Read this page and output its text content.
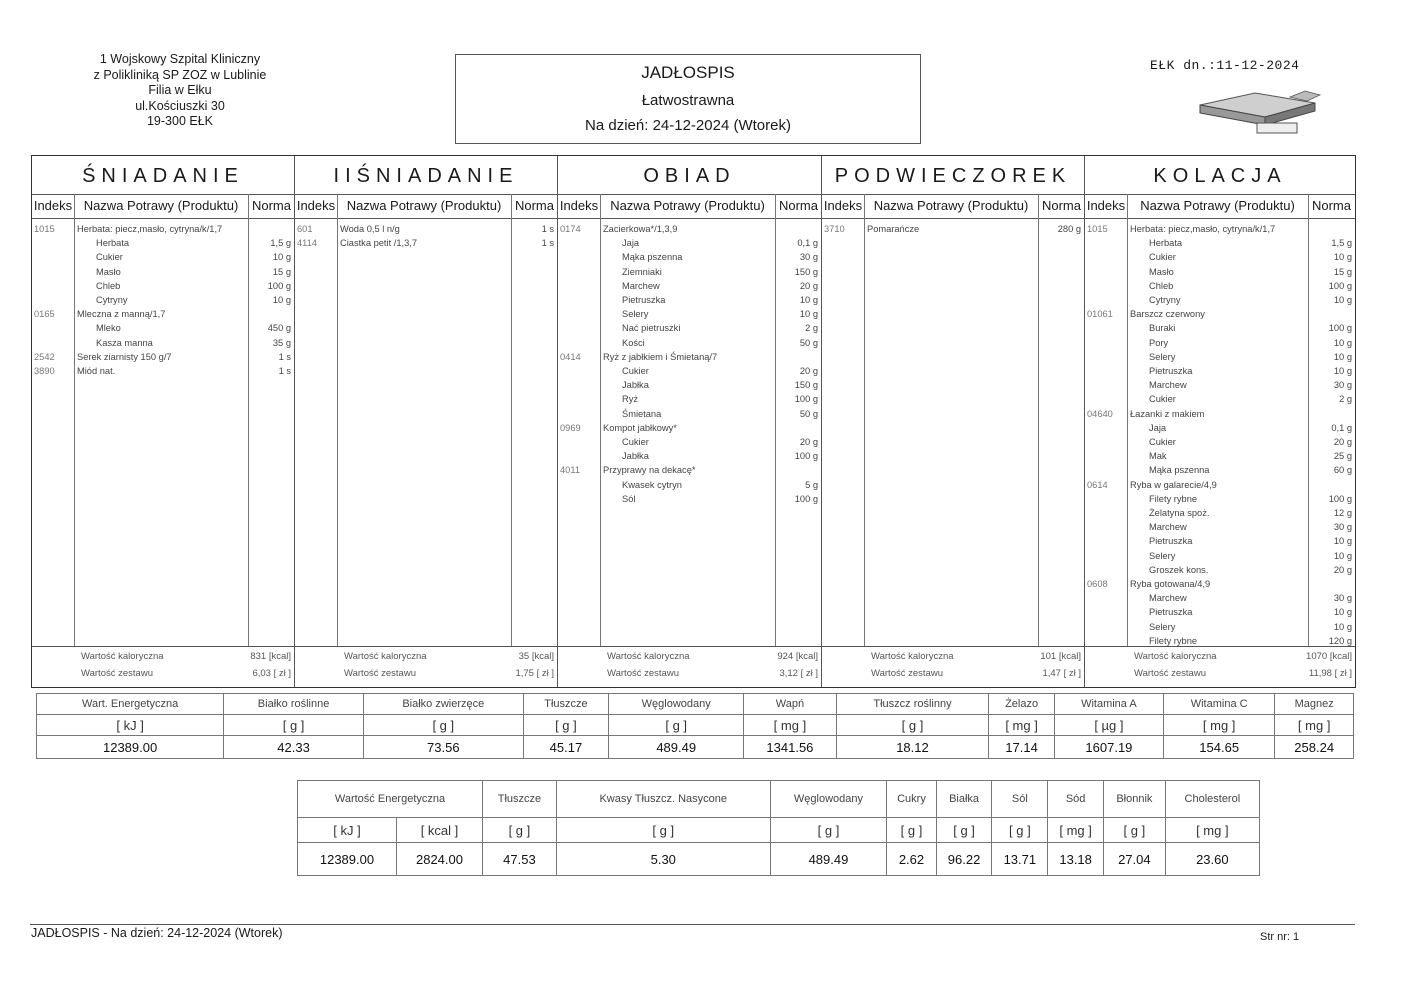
1 Wojskowy Szpital Kliniczny
z Polikliniką SP ZOZ w Lublinie
Filia w Ełku
ul.Kościuszki 30
19-300 EŁK
JADŁOSPIS
Łatwostrawna
Na dzień: 24-12-2024 (Wtorek)
EŁK dn.:11-12-2024
ŚNIADANIE
Indeks Nazwa Potrawy (Produktu)	Norma
1015 Herbata: piecz,masło, cytryna/k/1,7
Herbata	1,5 g
Cukier	10 g
Masło	15 g
Chleb	100 g
Cytryny	10 g
0165 Mleczna z manną/1,7
Mleko	450 g
Kasza manna	35 g
2542 Serek ziarnisty 150 g/7	1 s
3890 Miód nat.	1 s
Wartość kaloryczna	831 [kcal]
Wartość zestawu	6,03 [ zł ]
IIŚNIADANIE
Indeks Nazwa Potrawy (Produktu)	Norma
601	Woda 0,5 l n/g	1 s
4114 Ciastka petit /1,3,7	1 s
Wartość kaloryczna	35 [kcal]
Wartość zestawu	1,75 [ zł ]
OBIAD
Indeks Nazwa Potrawy (Produktu)	Norma
0174 Zacierkowa*/1,3,9
Jaja	0,1 g
Mąka pszenna	30 g
Ziemniaki	150 g
Marchew	20 g
Pietruszka	10 g
Selery	10 g
Nać pietruszki	2 g
Kości	50 g
0414 Ryż z jabłkiem i Śmietaną/7
Cukier	20 g
Jabłka	150 g
Ryż	100 g
Śmietana	50 g
0969 Kompot jabłkowy*
Cukier	20 g
Jabłka	100 g
4011 Przyprawy na dekacę*
Kwasek cytryn	5 g
Sól	100 g
Wartość kaloryczna	924 [kcal]
Wartość zestawu	3,12 [ zł ]
PODWIECZOREK
Indeks Nazwa Potrawy (Produktu)	Norma
3710 Pomarańcze	280 g
Wartość kaloryczna	101 [kcal]
Wartość zestawu	1,47 [ zł ]
KOLACJA
Indeks	Nazwa Potrawy (Produktu)	Norma
1015 Herbata: piecz,masło, cytryna/k/1,7
Herbata	1,5 g
Cukier	10 g
Masło	15 g
Chleb	100 g
Cytryny	10 g
01061 Barszcz czerwony
Buraki	100 g
Pory	10 g
Selery	10 g
Pietruszka	10 g
Marchew	30 g
Cukier	2 g
04640 Łazanki z makiem
Jaja	0,1 g
Cukier	20 g
Mak	25 g
Mąka pszenna	60 g
0614 Ryba w galarecie/4,9
Filety rybne	100 g
Żelatyna spoż.	12 g
Marchew	30 g
Pietruszka	10 g
Selery	10 g
Groszek kons.	20 g
0608 Ryba gotowana/4,9
Marchew	30 g
Pietruszka	10 g
Selery	10 g
Filety rybne	120 g
Wartość kaloryczna	1070 [kcal]
Wartość zestawu	11,98 [ zł ]
Wart. Energetyczna	Białko roślinne	Białko zwierzęce	Tłuszcze	Węglowodany	Wapń	Tłuszcz roślinny	Żelazo	Witamina A	Witamina C	Magnez
[ kJ ]	[ g ]	[ g ]	[ g ]	[ g ]	[ mg ]	[ g ]	[ mg ]	[ µg ]	[ mg ]	[ mg ]
12389.00	42.33	73.56	45.17	489.49	1341.56	18.12	17.14	1607.19	154.65	258.24
Wartość Energetyczna		Tłuszcze	Kwasy Tłuszcz. Nasycone	Węglowodany	Cukry	Białka	Sól	Sód	Błonnik	Cholesterol
[ kJ ]	[ kcal ]	[ g ]	[ g ]	[ g ]	[ g ]	[ g ]	[ g ]	[ mg ]	[ g ]	[ mg ]
12389.00	2824.00	47.53	5.30	489.49	2.62	96.22	13.71	13.18	27.04	23.60
JADŁOSPIS - Na dzień: 24-12-2024 (Wtorek)	Str nr: 1
